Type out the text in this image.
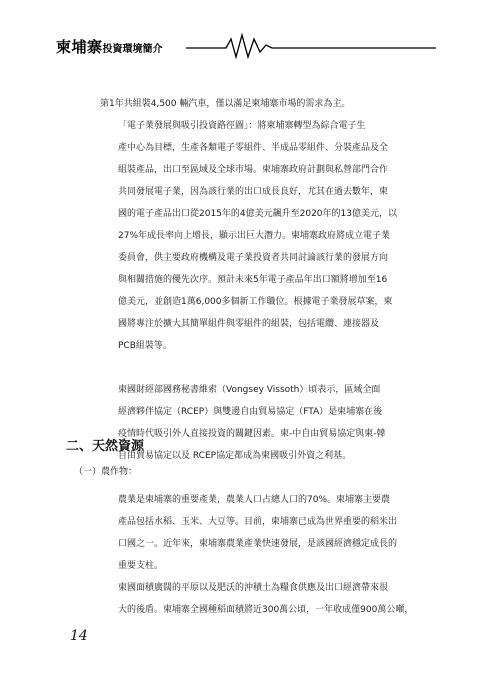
柬埔寨投資環境簡介
第1年共組裝4,500 輛汽車，僅以滿足柬埔寨市場的需求為主。
「電子業發展與吸引投資路徑圖」：將柬埔寨轉型為綜合電子生
產中心為目標，生產各類電子零組件、半成品零組件、分裝產品及全
組裝產品，出口至區域及全球市場。柬埔寨政府計劃與私營部門合作
共同發展電子業，因為該行業的出口成長良好，尤其在過去數年，柬
國的電子產品出口從2015年的4億美元飆升至2020年的13億美元，以
27%年成長率向上增長，顯示出巨大潛力。柬埔寨政府將成立電子業
委員會，供主要政府機構及電子業投資者共同討論該行業的發展方向
與相關措施的優先次序。預計未來5年電子產品年出口額將增加至16
億美元，並創造1萬6,000多個新工作職位。根據電子業發展草案，柬
國將專注於擴大其簡單組件與零組件的組裝，包括電纜、連接器及
PCB組裝等。
柬國財經部國務秘書維索（Vongsey Vissoth）頃表示，區域全面
經濟夥伴協定（RCEP）與雙邊自由貿易協定（FTA）是柬埔寨在後
疫情時代吸引外人直接投資的關鍵因素。柬-中自由貿易協定與柬-韓
自由貿易協定以及 RCEP協定都成為柬國吸引外資之利基。
二、天然資源
（一）農作物：
農業是柬埔寨的重要產業，農業人口占總人口的70%。柬埔寨主要農
產品包括水稻、玉米、大豆等。目前，柬埔寨已成為世界重要的稻米出
口國之一。近年來，柬埔寨農業產業快速發展，是該國經濟穩定成長的
重要支柱。
柬國面積廣闊的平原以及肥沃的沖積土為糧食供應及出口經濟帶來很
大的後盾。柬埔寨全國種稻面積將近300萬公頃，一年收成僅900萬公噸，
14
